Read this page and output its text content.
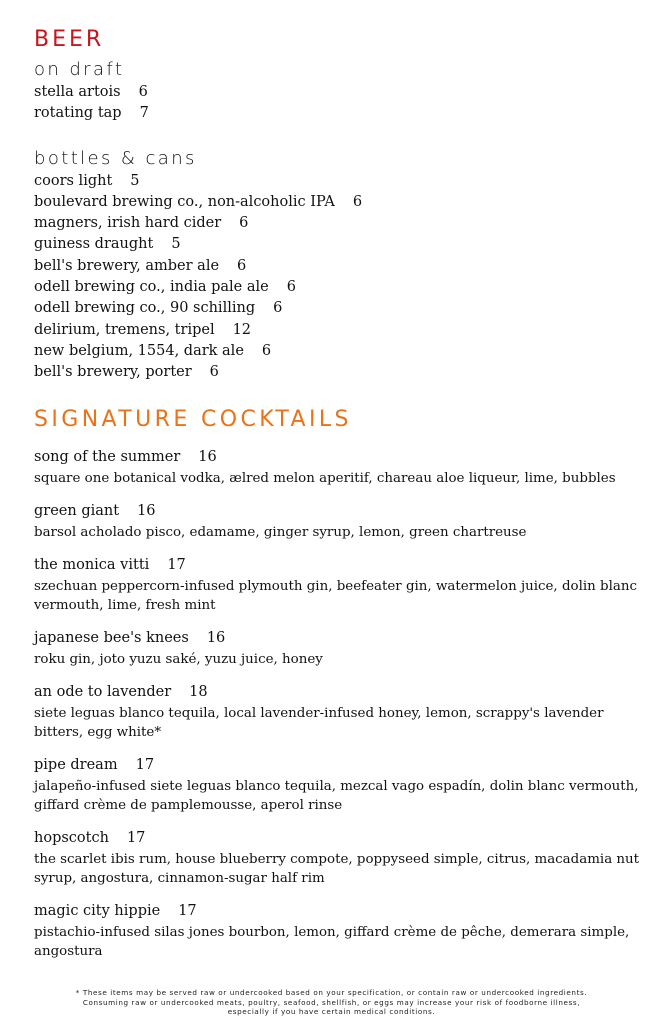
BEER
on draft
stella artois 6
rotating tap 7
bottles & cans
coors light 5
boulevard brewing co., non-alcoholic IPA 6
magners, irish hard cider 6
guiness draught 5
bell's brewery, amber ale 6
odell brewing co., india pale ale 6
odell brewing co., 90 schilling 6
delirium, tremens, tripel 12
new belgium, 1554, dark ale 6
bell's brewery, porter 6
SIGNATURE COCKTAILS
song of the summer 16
square one botanical vodka, ælred melon aperitif, chareau aloe liqueur, lime, bubbles
green giant 16
barsol acholado pisco, edamame, ginger syrup, lemon, green chartreuse
the monica vitti 17
szechuan peppercorn-infused plymouth gin, beefeater gin, watermelon juice, dolin blanc vermouth, lime, fresh mint
japanese bee's knees 16
roku gin, joto yuzu saké, yuzu juice, honey
an ode to lavender 18
siete leguas blanco tequila, local lavender-infused honey, lemon, scrappy's lavender bitters, egg white*
pipe dream 17
jalapeño-infused siete leguas blanco tequila, mezcal vago espadín, dolin blanc vermouth, giffard crème de pamplemousse, aperol rinse
hopscotch 17
the scarlet ibis rum, house blueberry compote, poppyseed simple, citrus, macadamia nut syrup, angostura, cinnamon-sugar half rim
magic city hippie 17
pistachio-infused silas jones bourbon, lemon, giffard crème de pêche, demerara simple, angostura
* These items may be served raw or undercooked based on your specification, or contain raw or undercooked ingredients.
Consuming raw or undercooked meats, poultry, seafood, shellfish, or eggs may increase your risk of foodborne illness,
especially if you have certain medical conditions.
